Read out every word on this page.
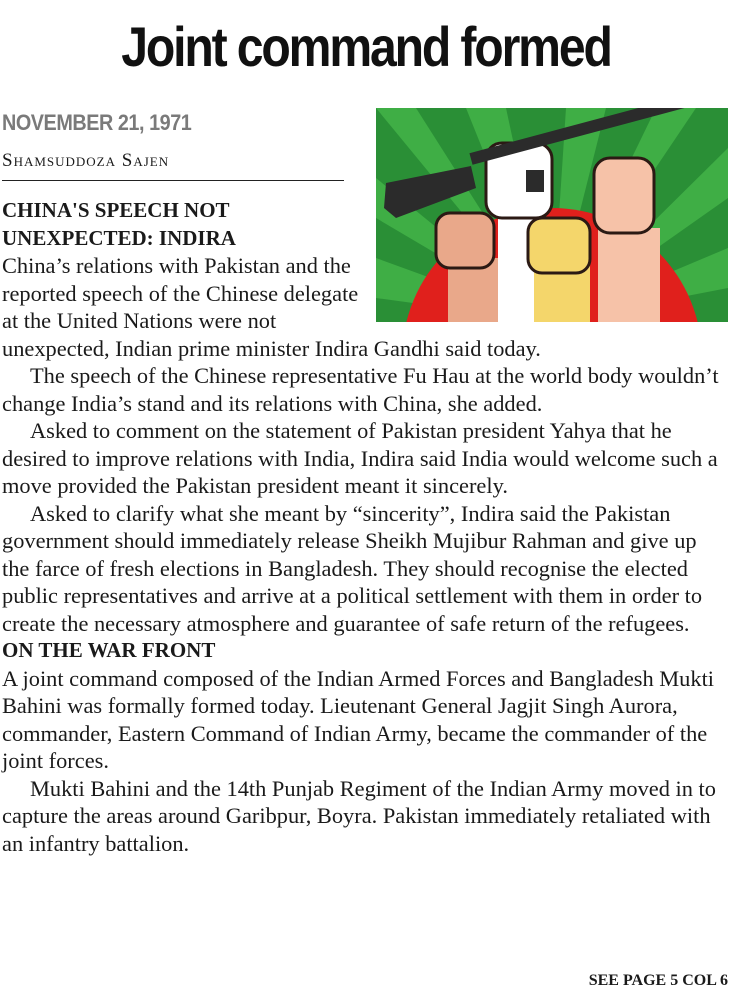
Joint command formed
NOVEMBER 21, 1971
Shamsuddoza Sajen

CHINA'S SPEECH NOT UNEXPECTED: INDIRA

China’s relations with Pakistan and the reported speech of the Chinese delegate at the United Nations were not unexpected, Indian prime minister Indira Gandhi said today.

The speech of the Chinese representative Fu Hau at the world body wouldn’t change India’s stand and its relations with China, she added.

Asked to comment on the statement of Pakistan president Yahya that he desired to improve relations with India, Indira said India would welcome such a move provided the Pakistan president meant it sincerely.

Asked to clarify what she meant by “sincerity”, Indira said the Pakistan government should immediately release Sheikh Mujibur Rahman and give up the farce of fresh elections in Bangladesh. They should recognise the elected public representatives and arrive at a political settlement with them in order to create the necessary atmosphere and guarantee of safe return of the refugees.

ON THE WAR FRONT

A joint command composed of the Indian Armed Forces and Bangladesh Mukti Bahini was formally formed today. Lieutenant General Jagjit Singh Aurora, commander, Eastern Command of Indian Army, became the commander of the joint forces.

Mukti Bahini and the 14th Punjab Regiment of the Indian Army moved in to capture the areas around Garibpur, Boyra. Pakistan immediately retaliated with an infantry battalion.

SEE PAGE 5 COL 6
